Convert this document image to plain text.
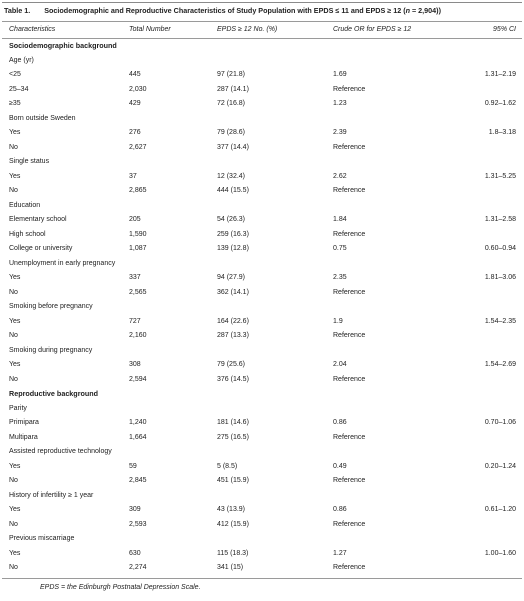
Table 1. Sociodemographic and Reproductive Characteristics of Study Population with EPDS ≤ 11 and EPDS ≥ 12 (n = 2,904))
Characteristics	Total Number	EPDS ≥ 12 No. (%)	Crude OR for EPDS ≥ 12	95% CI
Sociodemographic background
Age (yr)
<25	445	97 (21.8)	1.69	1.31–2.19
25–34	2,030	287 (14.1)	Reference
≥35	429	72 (16.8)	1.23	0.92–1.62
Born outside Sweden
Yes	276	79 (28.6)	2.39	1.8–3.18
No	2,627	377 (14.4)	Reference
Single status
Yes	37	12 (32.4)	2.62	1.31–5.25
No	2,865	444 (15.5)	Reference
Education
Elementary school	205	54 (26.3)	1.84	1.31–2.58
High school	1,590	259 (16.3)	Reference
College or university	1,087	139 (12.8)	0.75	0.60–0.94
Unemployment in early pregnancy
Yes	337	94 (27.9)	2.35	1.81–3.06
No	2,565	362 (14.1)	Reference
Smoking before pregnancy
Yes	727	164 (22.6)	1.9	1.54–2.35
No	2,160	287 (13.3)	Reference
Smoking during pregnancy
Yes	308	79 (25.6)	2.04	1.54–2.69
No	2,594	376 (14.5)	Reference
Reproductive background
Parity
Primipara	1,240	181 (14.6)	0.86	0.70–1.06
Multipara	1,664	275 (16.5)	Reference
Assisted reproductive technology
Yes	59	5 (8.5)	0.49	0.20–1.24
No	2,845	451 (15.9)	Reference
History of infertility ≥ 1 year
Yes	309	43 (13.9)	0.86	0.61–1.20
No	2,593	412 (15.9)	Reference
Previous miscarriage
Yes	630	115 (18.3)	1.27	1.00–1.60
No	2,274	341 (15)	Reference
EPDS = the Edinburgh Postnatal Depression Scale.
